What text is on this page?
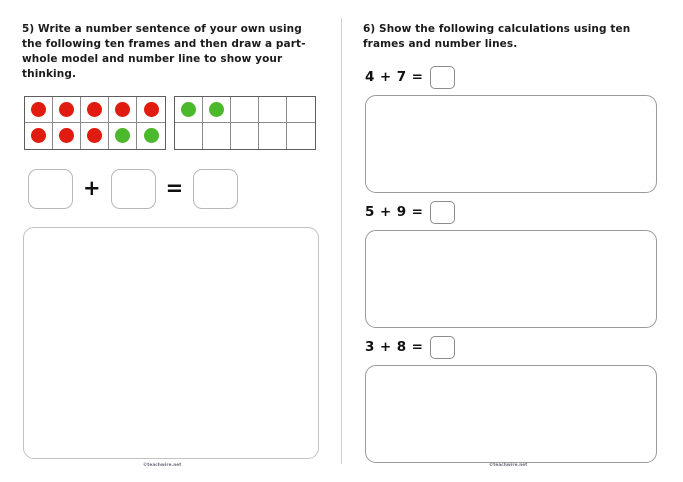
5) Write a number sentence of your own using the following ten frames and then draw a part-whole model and number line to show your thinking.

+	=

6) Show the following calculations using ten frames and number lines.

4 + 7 =
5 + 9 =
3 + 8 =
©teachwire.net	©teachwire.net
